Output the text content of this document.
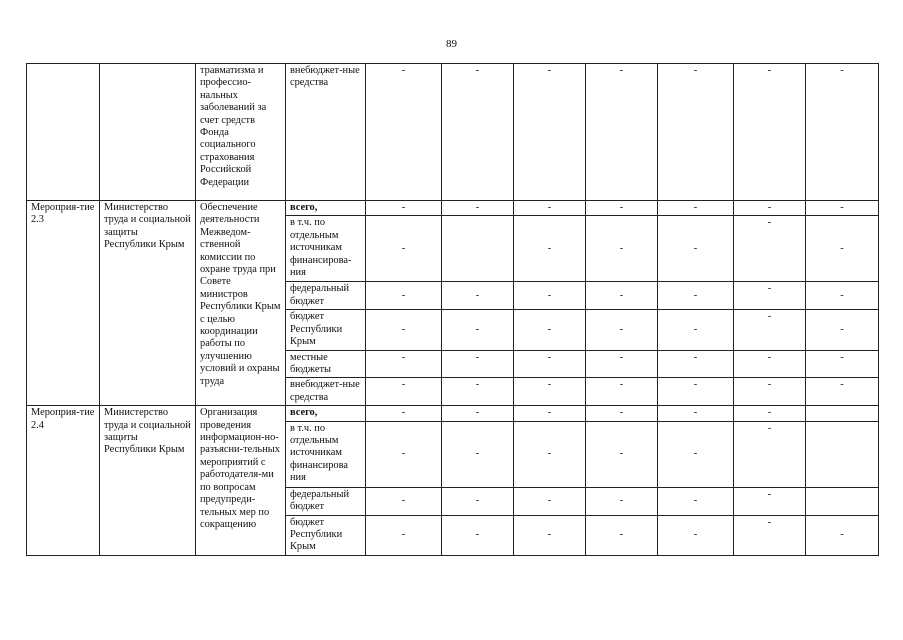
89
		травматизма и профессио-нальных заболеваний за счет средств Фонда социального страхования Российской Федерации	внебюджет-ные средства	-	-	-	-	-	-	-
Мероприя-тие 2.3	Министерство труда и социальной защиты Республики Крым	Обеспечение деятельности Межведом-ственной комиссии по охране труда при Совете министров Республики Крым с целью координации работы по улучшению условий и охраны труда	всего,	-	-	-	-	-	-	-
			в т.ч. по отдельным источникам финансирова-ния	-		-	-	-	-	-
			федеральный бюджет	-	-	-	-	-	-	-
			бюджет Республики Крым	-	-	-	-	-	-	-
			местные бюджеты	-	-	-	-	-	-	-
			внебюджет-ные средства	-	-	-	-	-	-	-
Мероприя-тие 2.4	Министерство труда и социальной защиты Республики Крым	Организация проведения информацион-но-разъясни-тельных мероприятий с работодателя-ми по вопросам предупреди-тельных мер по сокращению	всего,	-	-	-	-	-	-	
			в т.ч. по отдельным источникам финансирова ния	-	-	-	-	-	-	
			федеральный бюджет	-	-	-	-	-	-	
			бюджет Республики Крым	-	-	-	-	-	-	-
